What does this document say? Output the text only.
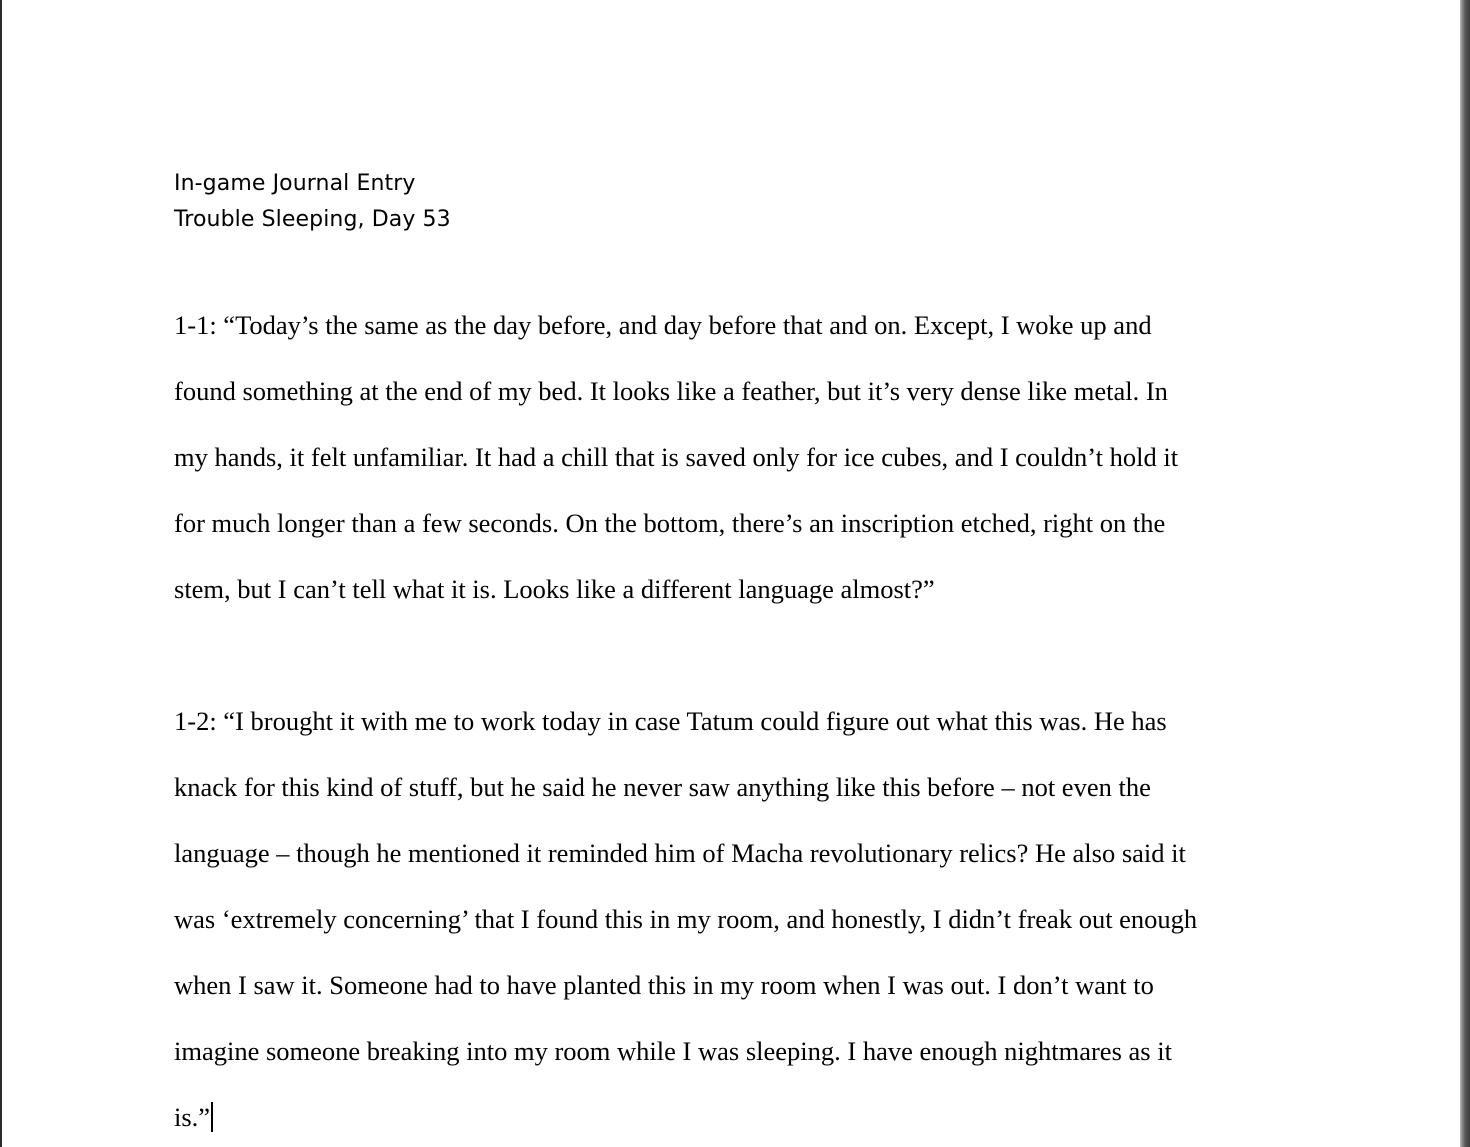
In-game Journal Entry
Trouble Sleeping, Day 53
1-1: “Today’s the same as the day before, and day before that and on. Except, I woke up and
found something at the end of my bed. It looks like a feather, but it’s very dense like metal. In
my hands, it felt unfamiliar. It had a chill that is saved only for ice cubes, and I couldn’t hold it
for much longer than a few seconds. On the bottom, there’s an inscription etched, right on the
stem, but I can’t tell what it is. Looks like a different language almost?”
1-2: “I brought it with me to work today in case Tatum could figure out what this was. He has
knack for this kind of stuff, but he said he never saw anything like this before – not even the
language – though he mentioned it reminded him of Macha revolutionary relics? He also said it
was ‘extremely concerning’ that I found this in my room, and honestly, I didn’t freak out enough
when I saw it. Someone had to have planted this in my room when I was out. I don’t want to
imagine someone breaking into my room while I was sleeping. I have enough nightmares as it
is.”
